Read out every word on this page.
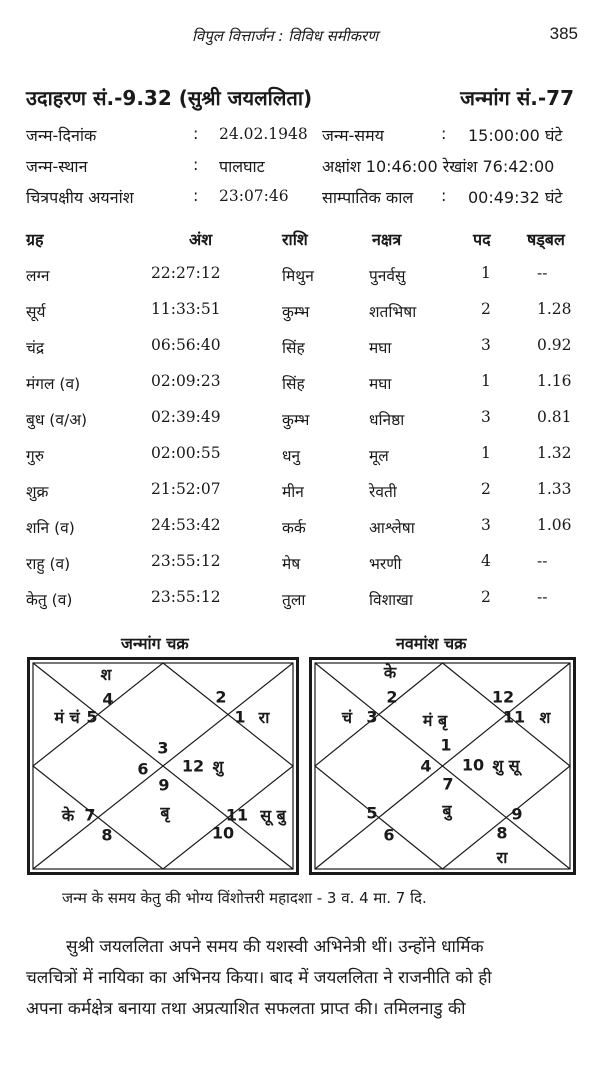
विपुल वित्तार्जन : विविध समीकरण	385
उदाहरण सं.-9.32 (सुश्री जयललिता)	जन्मांग सं.-77
जन्म-दिनांक	: 24.02.1948 जन्म-समय	: 15:00:00 घंटे
जन्म-स्थान	: पालघाट	अक्षांश 10:46:00 रेखांश 76:42:00
चित्रपक्षीय अयनांश	: 23:07:46 साम्पातिक काल : 00:49:32 घंटे
ग्रह	अंश	राशि	नक्षत्र	पद षड्बल
लग्न	22:27:12	मिथुन	पुनर्वसु	1	--
सूर्य	11:33:51	कुम्भ	शतभिषा	2	1.28
चंद्र	06:56:40	सिंह	मघा	3	0.92
मंगल (व)	02:09:23	सिंह	मघा	1	1.16
बुध (व/अ)	02:39:49	कुम्भ	धनिष्ठा	3	0.81
गुरु	02:00:55	धनु	मूल	1	1.32
शुक्र	21:52:07	मीन	रेवती	2	1.33
शनि (व)	24:53:42	कर्क	आश्लेषा	3	1.06
राहु (व)	23:55:12	मेष	भरणी	4	--
केतु (व)	23:55:12	तुला	विशाखा	2	--
जन्मांग चक्र
3
4
श
5
मं चं
6
7
के
8
9
बृ
10
11 सू बु
12 शु
1 रा
2
नवमांश चक्र
1
मं बृ
2
के
3
चं
4
5
6
7
बु
8
रा
9
10 शु सू
11 श
12
जन्म के समय केतु की भोग्य विंशोत्तरी महादशा - 3 व. 4 मा. 7 दि.
सुश्री जयललिता अपने समय की यशस्वी अभिनेत्री थीं। उन्होंने धार्मिक
चलचित्रों में नायिका का अभिनय किया। बाद में जयललिता ने राजनीति को ही
अपना कर्मक्षेत्र बनाया तथा अप्रत्याशित सफलता प्राप्त की। तमिलनाडु की
